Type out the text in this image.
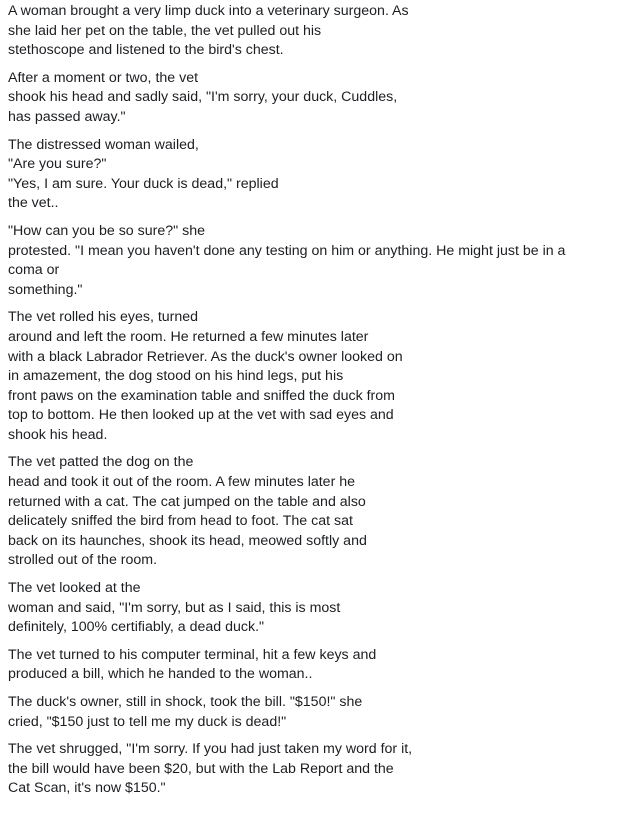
A woman brought a very limp duck into a veterinary surgeon. As
she laid her pet on the table, the vet pulled out his
stethoscope and listened to the bird's chest.

After a moment or two, the vet
shook his head and sadly said, "I'm sorry, your duck, Cuddles,
has passed away."

The distressed woman wailed,
"Are you sure?"
"Yes, I am sure. Your duck is dead," replied
the vet..

"How can you be so sure?" she
protested. "I mean you haven't done any testing on him or anything. He might just be in a
coma or
something."

The vet rolled his eyes, turned
around and left the room. He returned a few minutes later
with a black Labrador Retriever. As the duck's owner looked on
in amazement, the dog stood on his hind legs, put his
front paws on the examination table and sniffed the duck from
top to bottom. He then looked up at the vet with sad eyes and
shook his head.

The vet patted the dog on the
head and took it out of the room. A few minutes later he
returned with a cat. The cat jumped on the table and also
delicately sniffed the bird from head to foot. The cat sat
back on its haunches, shook its head, meowed softly and
strolled out of the room.

The vet looked at the
woman and said, "I'm sorry, but as I said, this is most
definitely, 100% certifiably, a dead duck."

The vet turned to his computer terminal, hit a few keys and
produced a bill, which he handed to the woman..

The duck's owner, still in shock, took the bill. "$150!" she
cried, "$150 just to tell me my duck is dead!"

The vet shrugged, "I'm sorry. If you had just taken my word for it,
the bill would have been $20, but with the Lab Report and the
Cat Scan, it's now $150."
